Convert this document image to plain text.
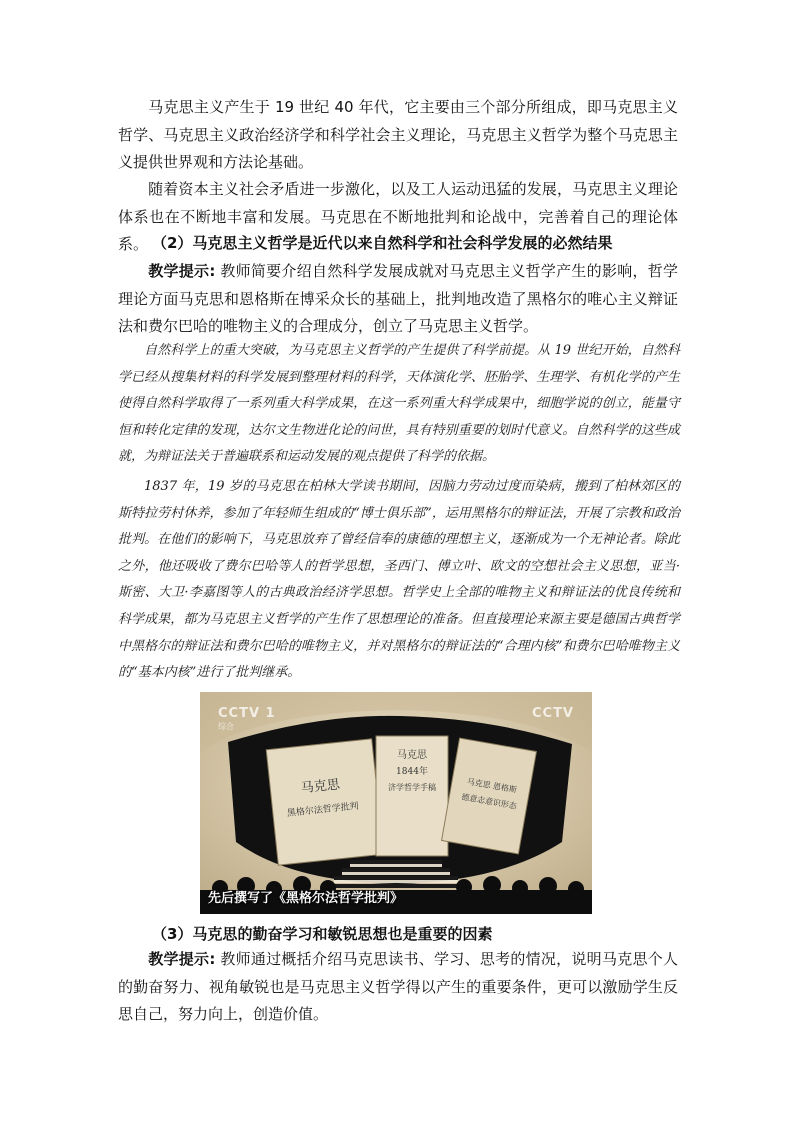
马克思主义产生于 19 世纪 40 年代，它主要由三个部分所组成，即马克思主义哲学、马克思主义政治经济学和科学社会主义理论，马克思主义哲学为整个马克思主义提供世界观和方法论基础。

随着资本主义社会矛盾进一步激化，以及工人运动迅猛的发展，马克思主义理论体系也在不断地丰富和发展。马克思在不断地批判和论战中，完善着自己的理论体系。 （2）马克思主义哲学是近代以来自然科学和社会科学发展的必然结果

教学提示: 教师简要介绍自然科学发展成就对马克思主义哲学产生的影响，哲学理论方面马克思和恩格斯在博采众长的基础上，批判地改造了黑格尔的唯心主义辩证法和费尔巴哈的唯物主义的合理成分，创立了马克思主义哲学。

自然科学上的重大突破，为马克思主义哲学的产生提供了科学前提。从 19 世纪开始，自然科学已经从搜集材料的科学发展到整理材料的科学，天体演化学、胚胎学、生理学、有机化学的产生使得自然科学取得了一系列重大科学成果，在这一系列重大科学成果中，细胞学说的创立，能量守恒和转化定律的发现，达尔文生物进化论的问世，具有特别重要的划时代意义。自然科学的这些成就，为辩证法关于普遍联系和运动发展的观点提供了科学的依据。

1837 年，19 岁的马克思在柏林大学读书期间，因脑力劳动过度而染病，搬到了柏林郊区的斯特拉劳村休养，参加了年轻师生组成的“博士俱乐部”，运用黑格尔的辩证法，开展了宗教和政治批判。在他们的影响下，马克思放弃了曾经信奉的康德的理想主义，逐渐成为一个无神论者。除此之外，他还吸收了费尔巴哈等人的哲学思想，圣西门、傅立叶、欧文的空想社会主义思想，亚当·斯密、大卫·李嘉图等人的古典政治经济学思想。哲学史上全部的唯物主义和辩证法的优良传统和科学成果，都为马克思主义哲学的产生作了思想理论的准备。但直接理论来源主要是德国古典哲学中黑格尔的辩证法和费尔巴哈的唯物主义，并对黑格尔的辩证法的“合理内核”和费尔巴哈唯物主义的“基本内核”进行了批判继承。

马克思
黑格尔法哲学批判
马克思
1844年
济学哲学手稿	马克思 恩格斯
德意志意识形态
CCTV 1
综合
CCTV
先后撰写了《黑格尔法哲学批判》

（3）马克思的勤奋学习和敏锐思想也是重要的因素

教学提示: 教师通过概括介绍马克思读书、学习、思考的情况，说明马克思个人的勤奋努力、视角敏锐也是马克思主义哲学得以产生的重要条件，更可以激励学生反思自己，努力向上，创造价值。
